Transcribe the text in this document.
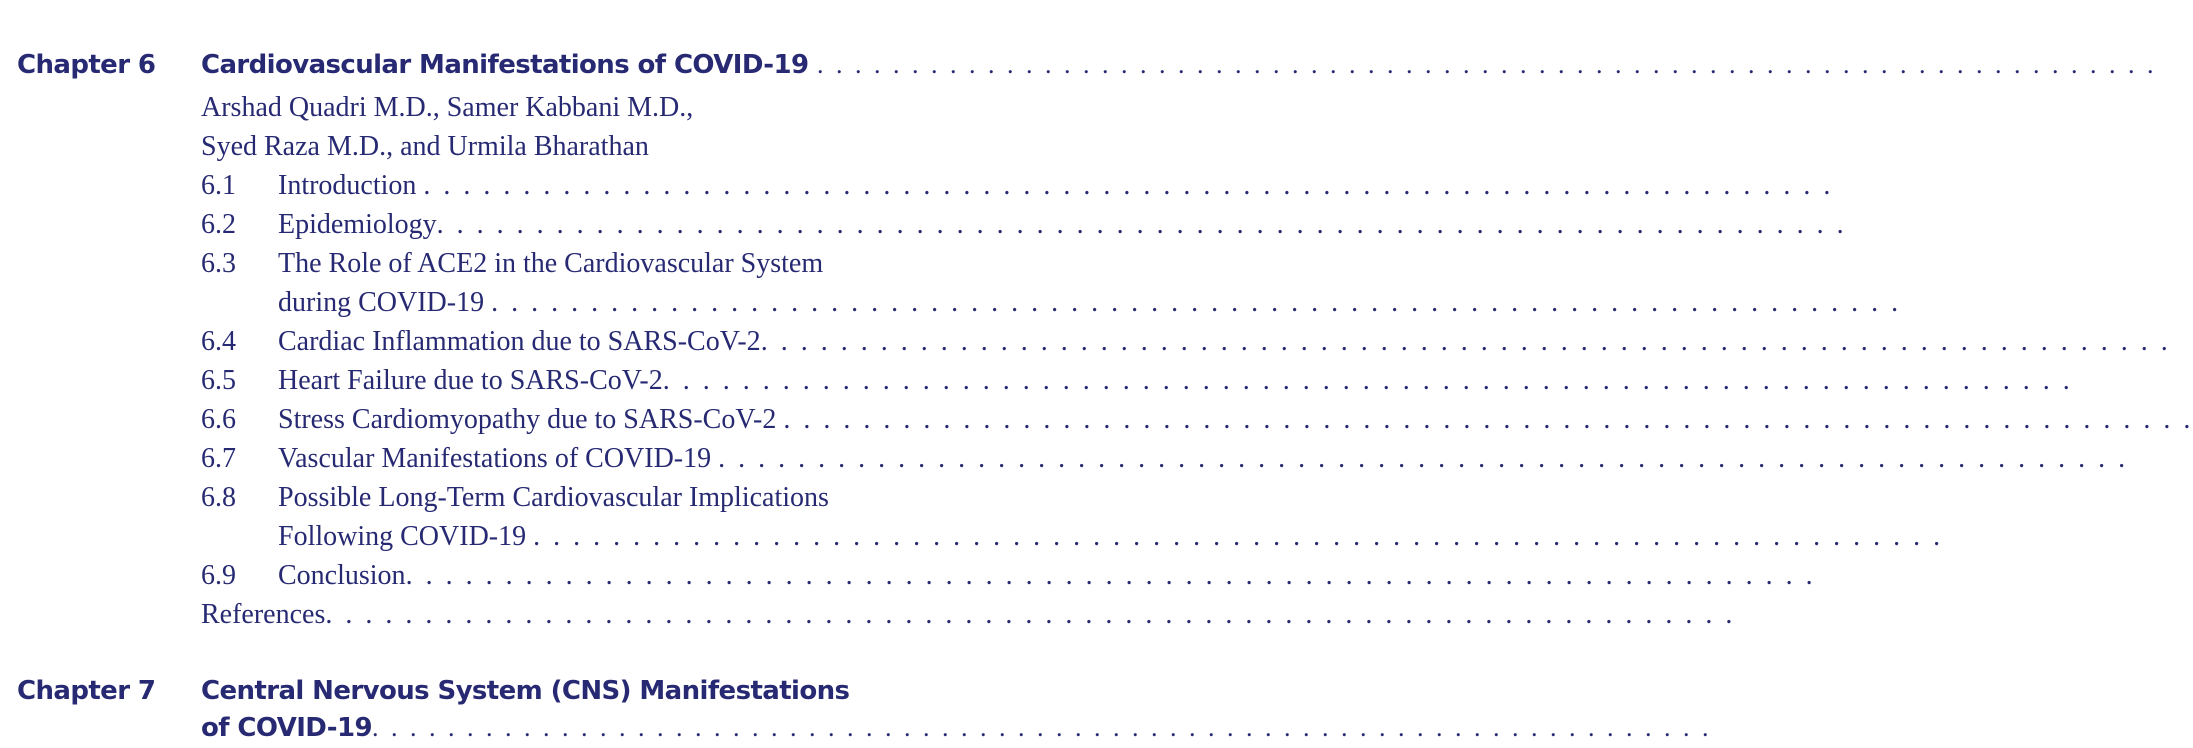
Chapter 6 Cardiovascular Manifestations of COVID-19 . . . . . . . . . . . . . . . . . . . . . . . . . . . . . . . . . . . . . . . . . . . . . . . . . . . . . . . . . . . . . . . . . . . . . . .
Arshad Quadri M.D., Samer Kabbani M.D.,
Syed Raza M.D., and Urmila Bharathan
6.1 Introduction . . . . . . . . . . . . . . . . . . . . . . . . . . . . . . . . . . . . . . . . . . . . . . . . . . . . . . . . . . . . . . . . . . . . . . .
6.2 Epidemiology. . . . . . . . . . . . . . . . . . . . . . . . . . . . . . . . . . . . . . . . . . . . . . . . . . . . . . . . . . . . . . . . . . . . . . .
6.3 The Role of ACE2 in the Cardiovascular System
during COVID-19 . . . . . . . . . . . . . . . . . . . . . . . . . . . . . . . . . . . . . . . . . . . . . . . . . . . . . . . . . . . . . . . . . . . . . . .
6.4 Cardiac Inflammation due to SARS-CoV-2. . . . . . . . . . . . . . . . . . . . . . . . . . . . . . . . . . . . . . . . . . . . . . . . . . . . . . . . . . . . . . . . . . . . . . .
6.5 Heart Failure due to SARS-CoV-2. . . . . . . . . . . . . . . . . . . . . . . . . . . . . . . . . . . . . . . . . . . . . . . . . . . . . . . . . . . . . . . . . . . . . . .
6.6 Stress Cardiomyopathy due to SARS-CoV-2 . . . . . . . . . . . . . . . . . . . . . . . . . . . . . . . . . . . . . . . . . . . . . . . . . . . . . . . . . . . . . . . . . . . . . . .
6.7 Vascular Manifestations of COVID-19 . . . . . . . . . . . . . . . . . . . . . . . . . . . . . . . . . . . . . . . . . . . . . . . . . . . . . . . . . . . . . . . . . . . . . . .
6.8 Possible Long-Term Cardiovascular Implications
Following COVID-19 . . . . . . . . . . . . . . . . . . . . . . . . . . . . . . . . . . . . . . . . . . . . . . . . . . . . . . . . . . . . . . . . . . . . . . .
6.9 Conclusion. . . . . . . . . . . . . . . . . . . . . . . . . . . . . . . . . . . . . . . . . . . . . . . . . . . . . . . . . . . . . . . . . . . . . . .
References. . . . . . . . . . . . . . . . . . . . . . . . . . . . . . . . . . . . . . . . . . . . . . . . . . . . . . . . . . . . . . . . . . . . . . .
Chapter 7 Central Nervous System (CNS) Manifestations
of COVID-19. . . . . . . . . . . . . . . . . . . . . . . . . . . . . . . . . . . . . . . . . . . . . . . . . . . . . . . . . . . . . . . . . . . . . . .
